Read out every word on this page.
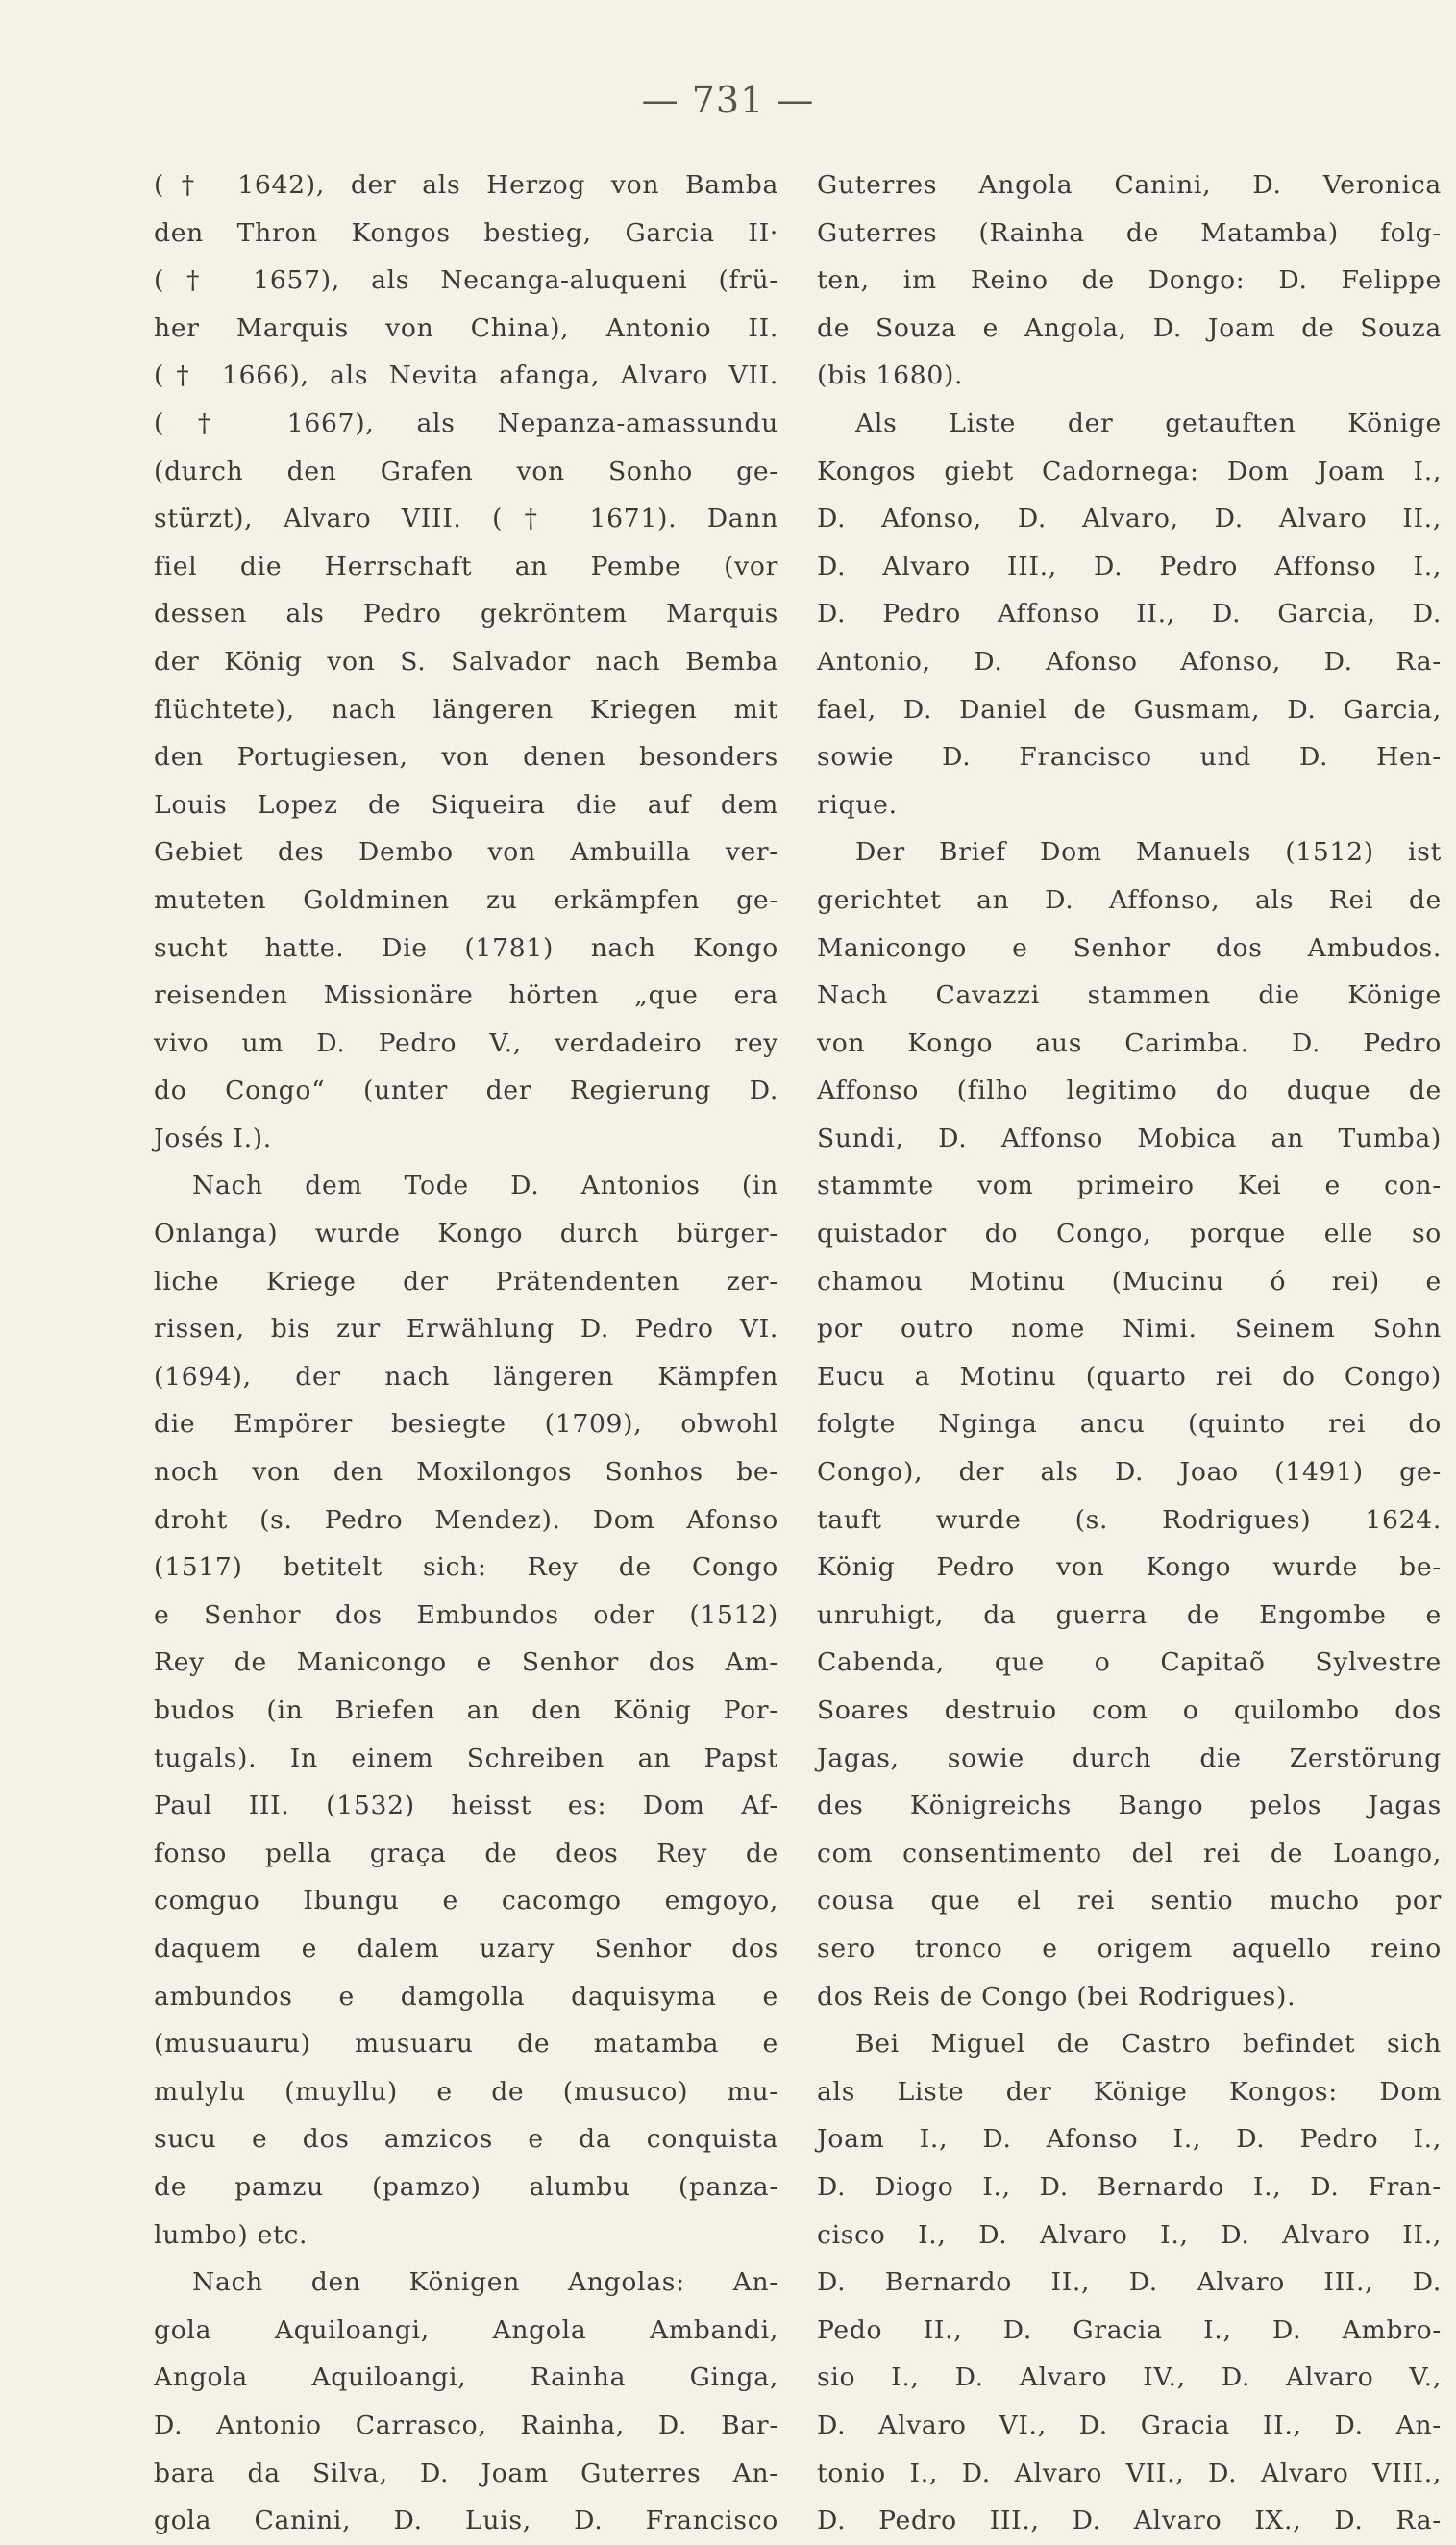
— 731 —
(† 1642), der als Herzog von Bamba
den Thron Kongos bestieg, Garcia II·
(† 1657), als Necanga-aluqueni (frü-
her Marquis von China), Antonio II.
(† 1666), als Nevita afanga, Alvaro VII.
(† 1667), als Nepanza-amassundu
(durch den Grafen von Sonho ge-
stürzt), Alvaro VIII. († 1671). Dann
fiel die Herrschaft an Pembe (vor
dessen als Pedro gekröntem Marquis
der König von S. Salvador nach Bemba
flüchtete), nach längeren Kriegen mit
den Portugiesen, von denen besonders
Louis Lopez de Siqueira die auf dem
Gebiet des Dembo von Ambuilla ver-
muteten Goldminen zu erkämpfen ge-
sucht hatte. Die (1781) nach Kongo
reisenden Missionäre hörten „que era
vivo um D. Pedro V., verdadeiro rey
do Congo“ (unter der Regierung D.
Josés I.).
Nach dem Tode D. Antonios (in
Onlanga) wurde Kongo durch bürger-
liche Kriege der Prätendenten zer-
rissen, bis zur Erwählung D. Pedro VI.
(1694), der nach längeren Kämpfen
die Empörer besiegte (1709), obwohl
noch von den Moxilongos Sonhos be-
droht (s. Pedro Mendez). Dom Afonso
(1517) betitelt sich: Rey de Congo
e Senhor dos Embundos oder (1512)
Rey de Manicongo e Senhor dos Am-
budos (in Briefen an den König Por-
tugals). In einem Schreiben an Papst
Paul III. (1532) heisst es: Dom Af-
fonso pella graça de deos Rey de
comguo Ibungu e cacomgo emgoyo,
daquem e dalem uzary Senhor dos
ambundos e damgolla daquisyma e
(musuauru) musuaru de matamba e
mulylu (muyllu) e de (musuco) mu-
sucu e dos amzicos e da conquista
de pamzu (pamzo) alumbu (panza-
lumbo) etc.
Nach den Königen Angolas: An-
gola Aquiloangi, Angola Ambandi,
Angola Aquiloangi, Rainha Ginga,
D. Antonio Carrasco, Rainha, D. Bar-
bara da Silva, D. Joam Guterres An-
gola Canini, D. Luis, D. Francisco
Guterres Angola Canini, D. Veronica
Guterres (Rainha de Matamba) folg-
ten, im Reino de Dongo: D. Felippe
de Souza e Angola, D. Joam de Souza
(bis 1680).
Als Liste der getauften Könige
Kongos giebt Cadornega: Dom Joam I.,
D. Afonso, D. Alvaro, D. Alvaro II.,
D. Alvaro III., D. Pedro Affonso I.,
D. Pedro Affonso II., D. Garcia, D.
Antonio, D. Afonso Afonso, D. Ra-
fael, D. Daniel de Gusmam, D. Garcia,
sowie D. Francisco und D. Hen-
rique.
Der Brief Dom Manuels (1512) ist
gerichtet an D. Affonso, als Rei de
Manicongo e Senhor dos Ambudos.
Nach Cavazzi stammen die Könige
von Kongo aus Carimba. D. Pedro
Affonso (filho legitimo do duque de
Sundi, D. Affonso Mobica an Tumba)
stammte vom primeiro Kei e con-
quistador do Congo, porque elle so
chamou Motinu (Mucinu ó rei) e
por outro nome Nimi. Seinem Sohn
Eucu a Motinu (quarto rei do Congo)
folgte Nginga ancu (quinto rei do
Congo), der als D. Joao (1491) ge-
tauft wurde (s. Rodrigues) 1624.
König Pedro von Kongo wurde be-
unruhigt, da guerra de Engombe e
Cabenda, que o Capitaõ Sylvestre
Soares destruio com o quilombo dos
Jagas, sowie durch die Zerstörung
des Königreichs Bango pelos Jagas
com consentimento del rei de Loango,
cousa que el rei sentio mucho por
sero tronco e origem aquello reino
dos Reis de Congo (bei Rodrigues).
Bei Miguel de Castro befindet sich
als Liste der Könige Kongos: Dom
Joam I., D. Afonso I., D. Pedro I.,
D. Diogo I., D. Bernardo I., D. Fran-
cisco I., D. Alvaro I., D. Alvaro II.,
D. Bernardo II., D. Alvaro III., D.
Pedo II., D. Gracia I., D. Ambro-
sio I., D. Alvaro IV., D. Alvaro V.,
D. Alvaro VI., D. Gracia II., D. An-
tonio I., D. Alvaro VII., D. Alvaro VIII.,
D. Pedro III., D. Alvaro IX., D. Ra-
